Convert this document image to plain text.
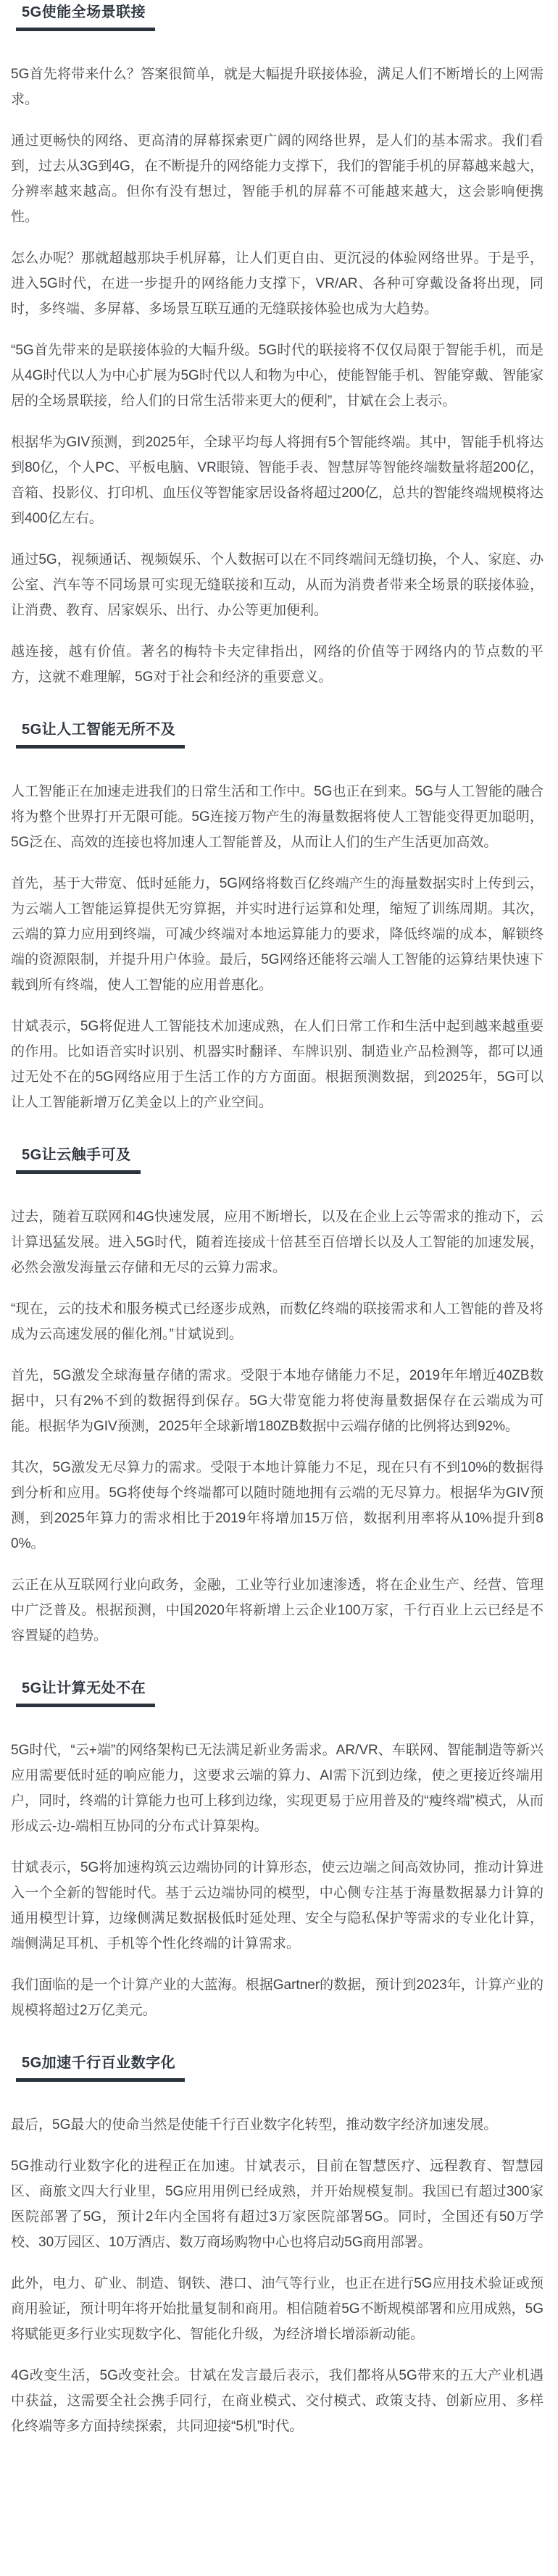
5G使能全场景联接

5G首先将带来什么？答案很简单，就是大幅提升联接体验，满足人们不断增长的上网需求。

通过更畅快的网络、更高清的屏幕探索更广阔的网络世界，是人们的基本需求。我们看到，过去从3G到4G，在不断提升的网络能力支撑下，我们的智能手机的屏幕越来越大，分辨率越来越高。但你有没有想过，智能手机的屏幕不可能越来越大，这会影响便携性。

怎么办呢？那就超越那块手机屏幕，让人们更自由、更沉浸的体验网络世界。于是乎，进入5G时代，在进一步提升的网络能力支撑下，VR/AR、各种可穿戴设备将出现，同时，多终端、多屏幕、多场景互联互通的无缝联接体验也成为大趋势。

“5G首先带来的是联接体验的大幅升级。5G时代的联接将不仅仅局限于智能手机，而是从4G时代以人为中心扩展为5G时代以人和物为中心，使能智能手机、智能穿戴、智能家居的全场景联接，给人们的日常生活带来更大的便利”，甘斌在会上表示。

根据华为GIV预测，到2025年，全球平均每人将拥有5个智能终端。其中，智能手机将达到80亿，个人PC、平板电脑、VR眼镜、智能手表、智慧屏等智能终端数量将超200亿，音箱、投影仪、打印机、血压仪等智能家居设备将超过200亿，总共的智能终端规模将达到400亿左右。

通过5G，视频通话、视频娱乐、个人数据可以在不同终端间无缝切换，个人、家庭、办公室、汽车等不同场景可实现无缝联接和互动，从而为消费者带来全场景的联接体验，让消费、教育、居家娱乐、出行、办公等更加便利。

越连接，越有价值。著名的梅特卡夫定律指出，网络的价值等于网络内的节点数的平方，这就不难理解，5G对于社会和经济的重要意义。

5G让人工智能无所不及

人工智能正在加速走进我们的日常生活和工作中。5G也正在到来。5G与人工智能的融合将为整个世界打开无限可能。5G连接万物产生的海量数据将使人工智能变得更加聪明，5G泛在、高效的连接也将加速人工智能普及，从而让人们的生产生活更加高效。

首先，基于大带宽、低时延能力，5G网络将数百亿终端产生的海量数据实时上传到云，为云端人工智能运算提供无穷算据，并实时进行运算和处理，缩短了训练周期。其次，云端的算力应用到终端，可减少终端对本地运算能力的要求，降低终端的成本，解锁终端的资源限制，并提升用户体验。最后，5G网络还能将云端人工智能的运算结果快速下载到所有终端，使人工智能的应用普惠化。

甘斌表示，5G将促进人工智能技术加速成熟，在人们日常工作和生活中起到越来越重要的作用。比如语音实时识别、机器实时翻译、车牌识别、制造业产品检测等，都可以通过无处不在的5G网络应用于生活工作的方方面面。根据预测数据，到2025年，5G可以让人工智能新增万亿美金以上的产业空间。

5G让云触手可及

过去，随着互联网和4G快速发展，应用不断增长，以及在企业上云等需求的推动下，云计算迅猛发展。进入5G时代，随着连接成十倍甚至百倍增长以及人工智能的加速发展，必然会激发海量云存储和无尽的云算力需求。

“现在，云的技术和服务模式已经逐步成熟，而数亿终端的联接需求和人工智能的普及将成为云高速发展的催化剂。”甘斌说到。

首先，5G激发全球海量存储的需求。受限于本地存储能力不足，2019年年增近40ZB数据中，只有2%不到的数据得到保存。5G大带宽能力将使海量数据保存在云端成为可能。根据华为GIV预测，2025年全球新增180ZB数据中云端存储的比例将达到92%。

其次，5G激发无尽算力的需求。受限于本地计算能力不足，现在只有不到10%的数据得到分析和应用。5G将使每个终端都可以随时随地拥有云端的无尽算力。根据华为GIV预测，到2025年算力的需求相比于2019年将增加15万倍，数据利用率将从10%提升到80%。

云正在从互联网行业向政务，金融，工业等行业加速渗透，将在企业生产、经营、管理中广泛普及。根据预测，中国2020年将新增上云企业100万家，千行百业上云已经是不容置疑的趋势。

5G让计算无处不在

5G时代，“云+端”的网络架构已无法满足新业务需求。AR/VR、车联网、智能制造等新兴应用需要低时延的响应能力，这要求云端的算力、AI需下沉到边缘，使之更接近终端用户，同时，终端的计算能力也可上移到边缘，实现更易于应用普及的“瘦终端”模式，从而形成云-边-端相互协同的分布式计算架构。

甘斌表示，5G将加速构筑云边端协同的计算形态，使云边端之间高效协同，推动计算进入一个全新的智能时代。基于云边端协同的模型，中心侧专注基于海量数据暴力计算的通用模型计算，边缘侧满足数据极低时延处理、安全与隐私保护等需求的专业化计算，端侧满足耳机、手机等个性化终端的计算需求。

我们面临的是一个计算产业的大蓝海。根据Gartner的数据，预计到2023年，计算产业的规模将超过2万亿美元。

5G加速千行百业数字化

最后，5G最大的使命当然是使能千行百业数字化转型，推动数字经济加速发展。

5G推动行业数字化的进程正在加速。甘斌表示，目前在智慧医疗、远程教育、智慧园区、商旅文四大行业里，5G应用用例已经成熟，并开始规模复制。我国已有超过300家医院部署了5G，预计2年内全国将有超过3万家医院部署5G。同时，全国还有50万学校、30万园区、10万酒店、数万商场购物中心也将启动5G商用部署。

此外，电力、矿业、制造、钢铁、港口、油气等行业，也正在进行5G应用技术验证或预商用验证，预计明年将开始批量复制和商用。相信随着5G不断规模部署和应用成熟，5G将赋能更多行业实现数字化、智能化升级，为经济增长增添新动能。

4G改变生活，5G改变社会。甘斌在发言最后表示，我们都将从5G带来的五大产业机遇中获益，这需要全社会携手同行，在商业模式、交付模式、政策支持、创新应用、多样化终端等多方面持续探索，共同迎接“5机”时代。
